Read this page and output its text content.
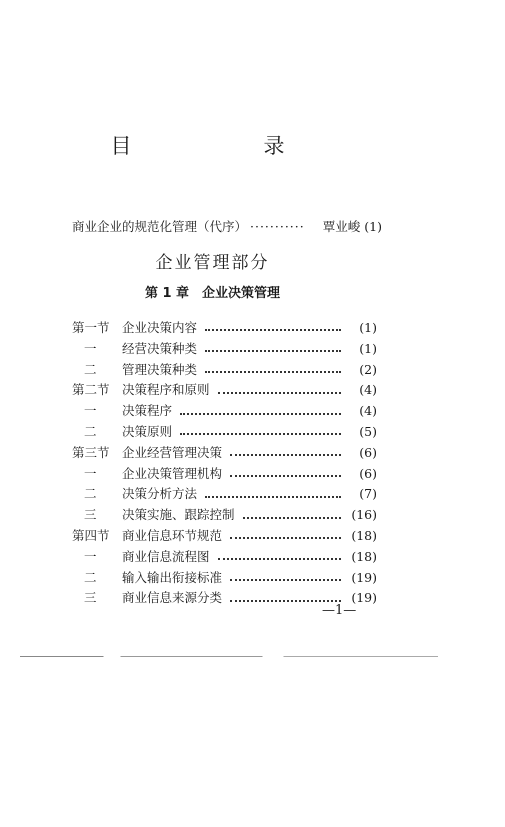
目　　录
商业企业的规范化管理（代序） ···········	覃业峻 (1)
企业管理部分
第 1 章　企业决策管理
第一节 企业决策内容	(1)
一	经营决策种类	(1)
二	管理决策种类	(2)
第二节 决策程序和原则	(4)
一	决策程序	(4)
二	决策原则	(5)
第三节 企业经营管理决策	(6)
一	企业决策管理机构	(6)
二	决策分析方法	(7)
三	决策实施、跟踪控制	(16)
第四节 商业信息环节规范	(18)
一	商业信息流程图	(18)
二	输入输出衔接标准	(19)
三	商业信息来源分类	(19)
—1—
